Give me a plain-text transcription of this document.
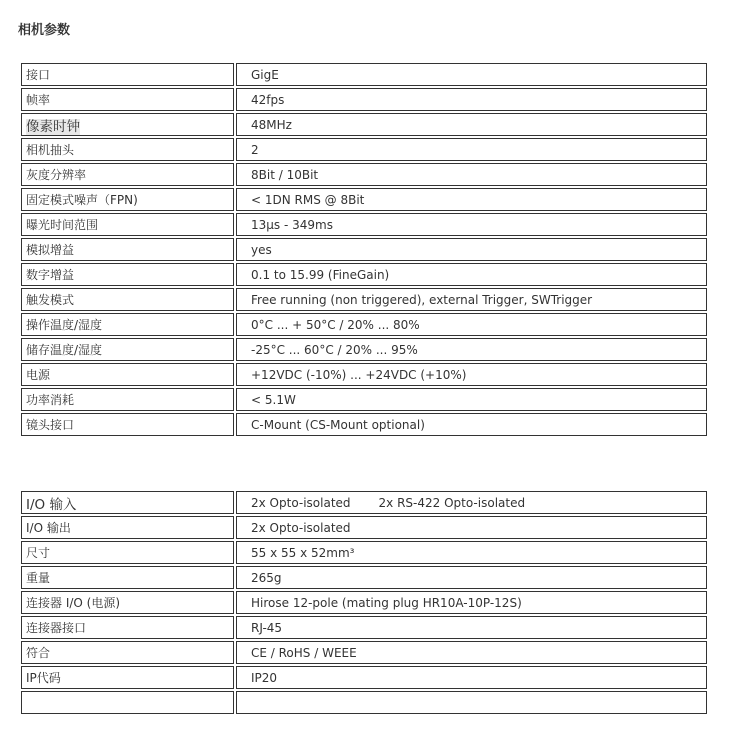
相机参数
接口	GigE
帧率	42fps
像素时钟	48MHz
相机抽头	2
灰度分辨率	8Bit / 10Bit
固定模式噪声（FPN)	< 1DN RMS @ 8Bit
曝光时间范围	13µs - 349ms
模拟增益	yes
数字增益	0.1 to 15.99 (FineGain)
触发模式	Free running (non triggered), external Trigger, SWTrigger
操作温度/湿度	0°C ... + 50°C / 20% ... 80%
储存温度/湿度	-25°C ... 60°C / 20% ... 95%
电源	+12VDC (-10%) ... +24VDC (+10%)
功率消耗	< 5.1W
镜头接口	C-Mount (CS-Mount optional)
I/O 输入	2x Opto-isolated 2x RS-422 Opto-isolated
I/O 输出	2x Opto-isolated
尺寸	55 x 55 x 52mm³
重量	265g
连接器 I/O (电源)	Hirose 12-pole (mating plug HR10A-10P-12S)
连接器接口	RJ-45
符合	CE / RoHS / WEEE
IP代码	IP20
